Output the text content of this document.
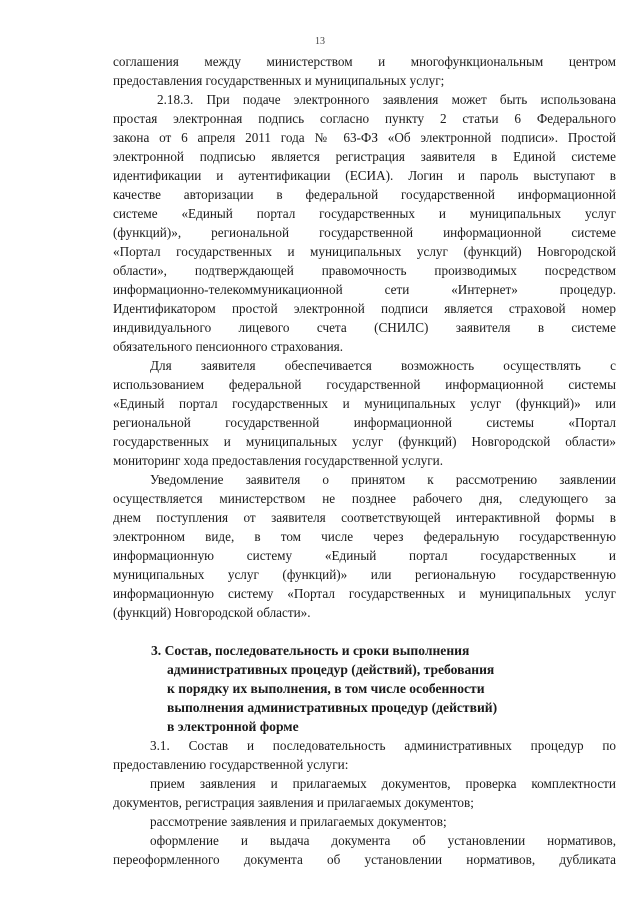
13
соглашения между министерством и многофункциональным центром
предоставления государственных и муниципальных услуг;
2.18.3. При подаче электронного заявления может быть использована
простая электронная подпись согласно пункту 2 статьи 6 Федерального
закона от 6 апреля 2011 года № 63-ФЗ «Об электронной подписи». Простой
электронной подписью является регистрация заявителя в Единой системе
идентификации и аутентификации (ЕСИА). Логин и пароль выступают в
качестве авторизации в федеральной государственной информационной
системе «Единый портал государственных и муниципальных услуг
(функций)», региональной государственной информационной системе
«Портал государственных и муниципальных услуг (функций) Новгородской
области», подтверждающей правомочность производимых посредством
информационно-телекоммуникационной сети «Интернет» процедур.
Идентификатором простой электронной подписи является страховой номер
индивидуального лицевого счета (СНИЛС) заявителя в системе
обязательного пенсионного страхования.
Для заявителя обеспечивается возможность осуществлять с
использованием федеральной государственной информационной системы
«Единый портал государственных и муниципальных услуг (функций)» или
региональной государственной информационной системы «Портал
государственных и муниципальных услуг (функций) Новгородской области»
мониторинг хода предоставления государственной услуги.
Уведомление заявителя о принятом к рассмотрению заявлении
осуществляется министерством не позднее рабочего дня, следующего за
днем поступления от заявителя соответствующей интерактивной формы в
электронном виде, в том числе через федеральную государственную
информационную систему «Единый портал государственных и
муниципальных услуг (функций)» или региональную государственную
информационную систему «Портал государственных и муниципальных услуг
(функций) Новгородской области».
3. Состав, последовательность и сроки выполнения
административных процедур (действий), требования
к порядку их выполнения, в том числе особенности
выполнения административных процедур (действий)
в электронной форме
3.1. Состав и последовательность административных процедур по
предоставлению государственной услуги:
прием заявления и прилагаемых документов, проверка комплектности
документов, регистрация заявления и прилагаемых документов;
рассмотрение заявления и прилагаемых документов;
оформление и выдача документа об установлении нормативов,
переоформленного документа об установлении нормативов, дубликата
